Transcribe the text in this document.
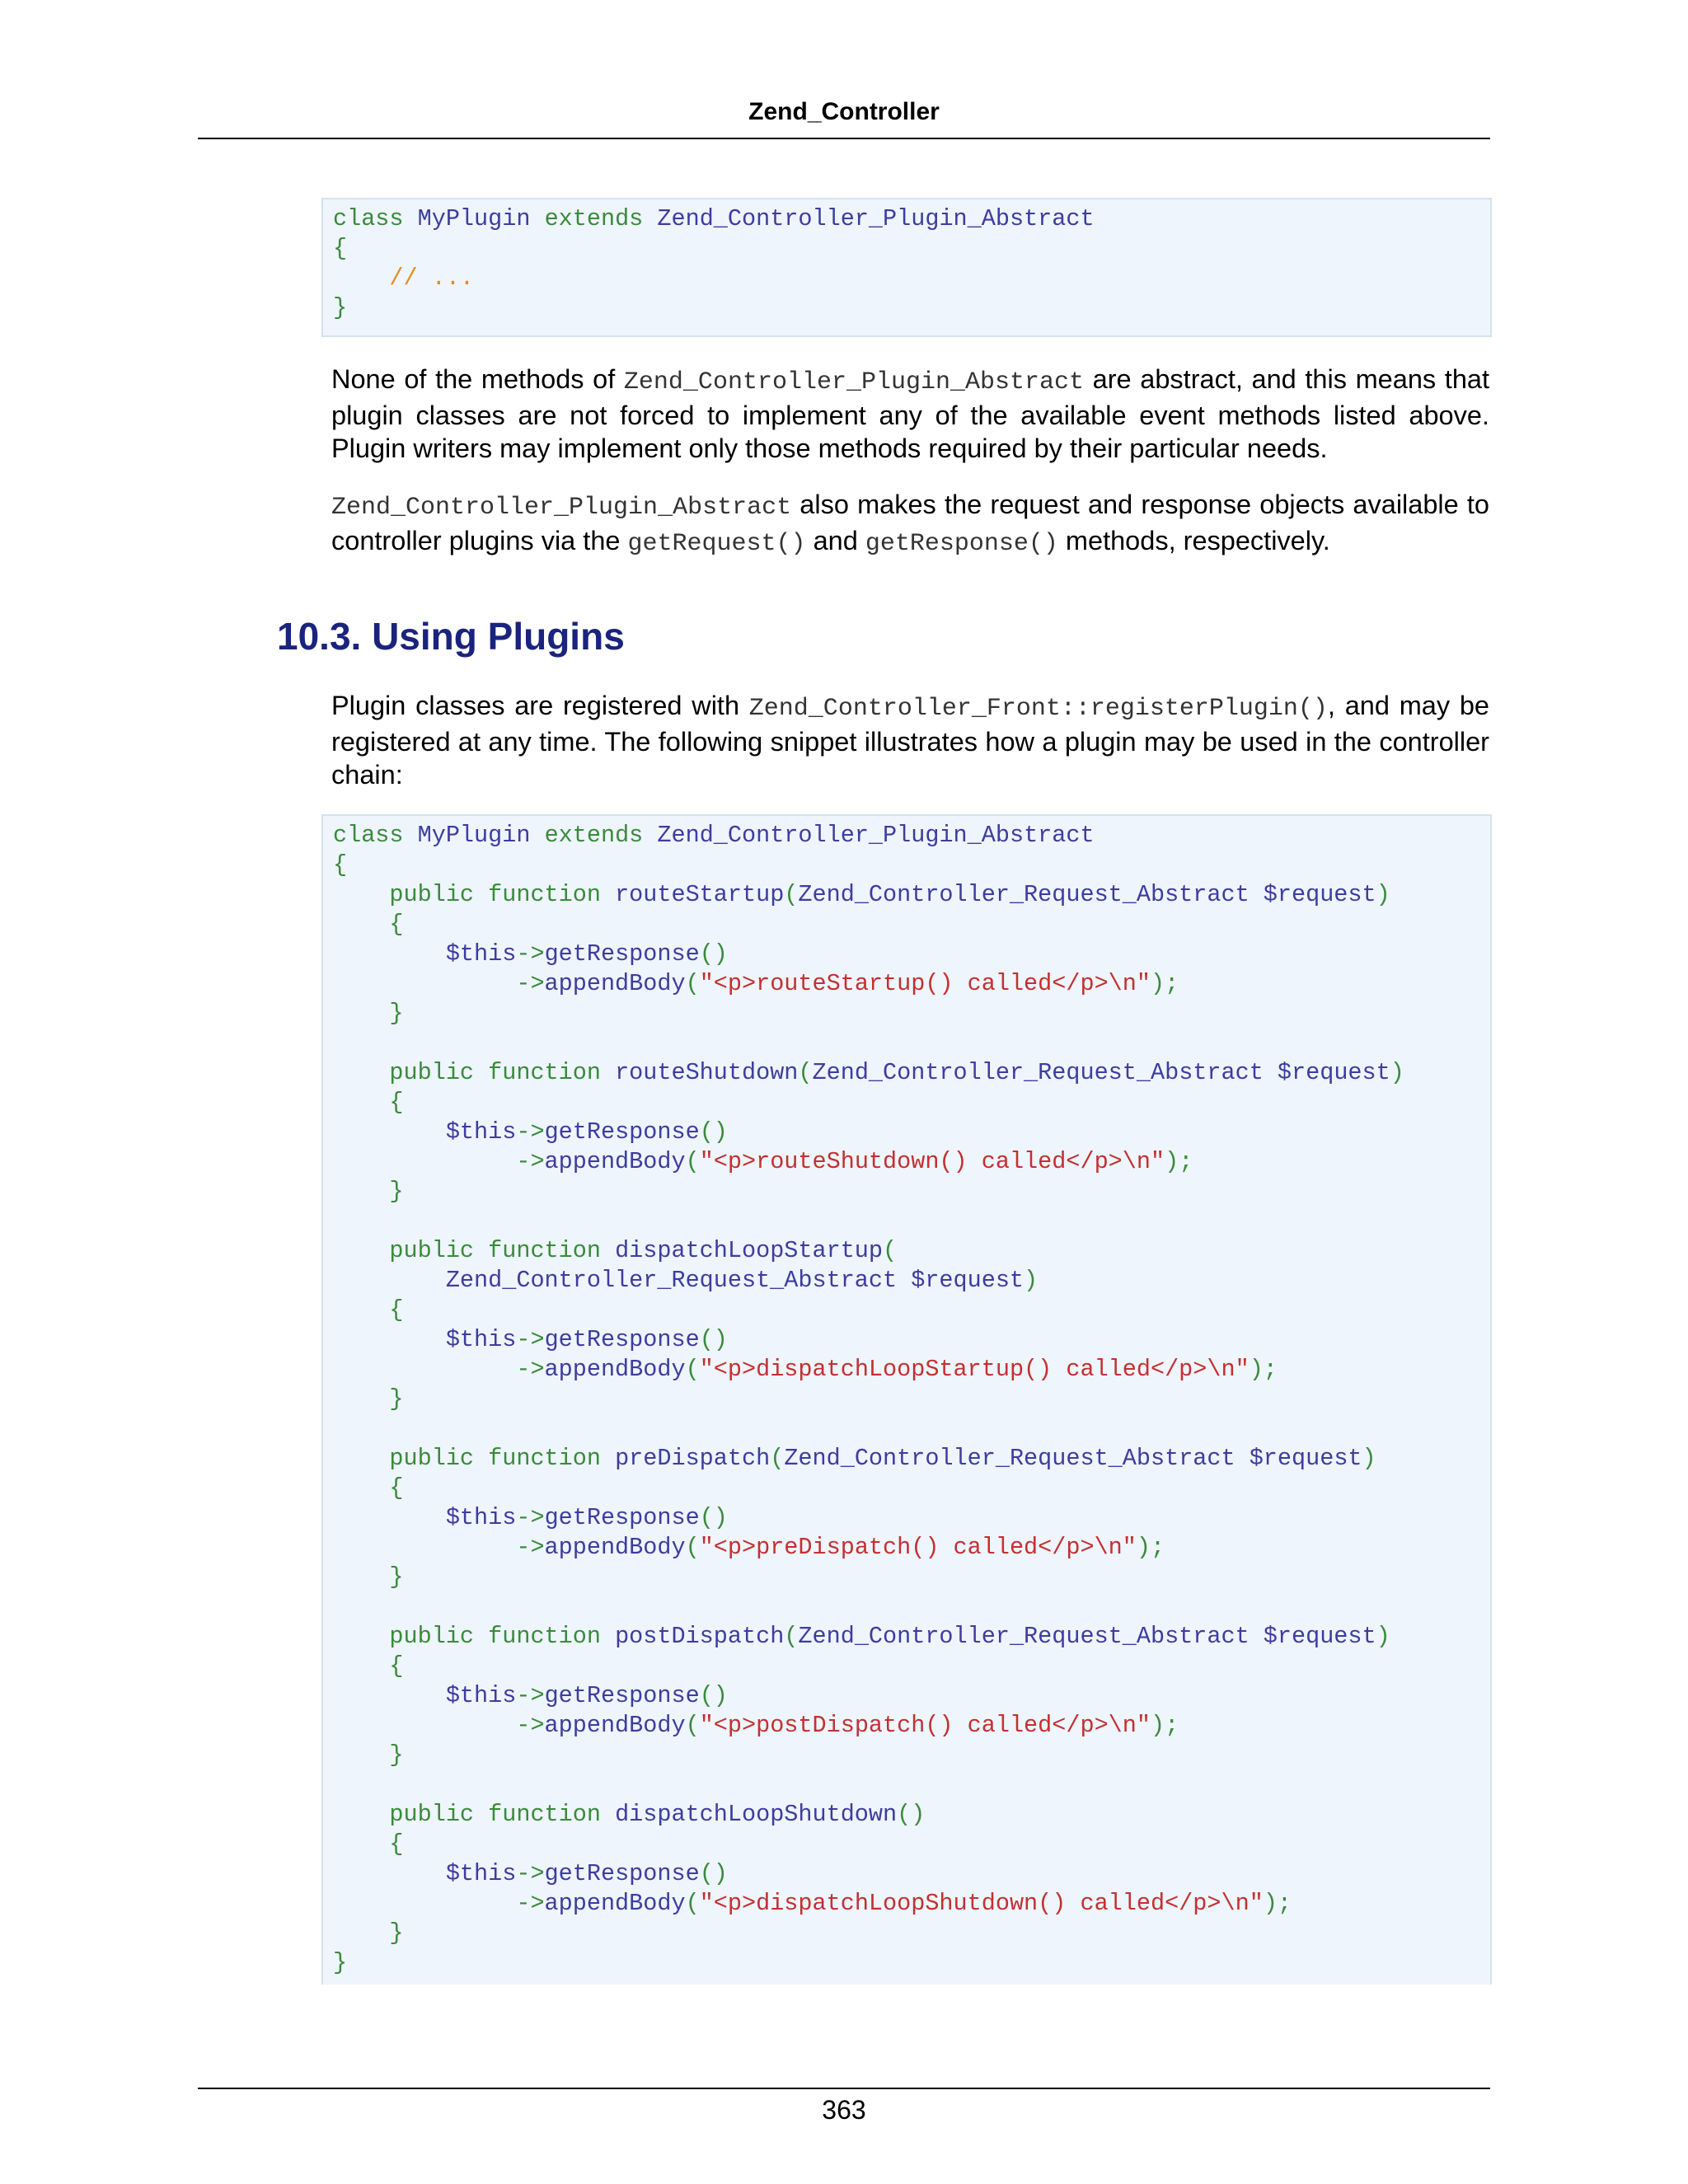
Zend_Controller
class MyPlugin extends Zend_Controller_Plugin_Abstract
{
// ...
}

None of the methods of Zend_Controller_Plugin_Abstract are abstract, and this means that plugin classes are not forced to implement any of the available event methods listed above. Plugin writers may implement only those methods required by their particular needs.

Zend_Controller_Plugin_Abstract also makes the request and response objects available to controller plugins via the getRequest() and getResponse() methods, respectively.

10.3. Using Plugins

Plugin classes are registered with Zend_Controller_Front::registerPlugin(), and may be registered at any time. The following snippet illustrates how a plugin may be used in the controller chain:

class MyPlugin extends Zend_Controller_Plugin_Abstract
{
public function routeStartup(Zend_Controller_Request_Abstract $request)
{
$this->getResponse()
->appendBody("<p>routeStartup() called</p>\n");
}
public function routeShutdown(Zend_Controller_Request_Abstract $request)
{
$this->getResponse()
->appendBody("<p>routeShutdown() called</p>\n");
}
public function dispatchLoopStartup(
Zend_Controller_Request_Abstract $request)
{
$this->getResponse()
->appendBody("<p>dispatchLoopStartup() called</p>\n");
}
public function preDispatch(Zend_Controller_Request_Abstract $request)
{
$this->getResponse()
->appendBody("<p>preDispatch() called</p>\n");
}
public function postDispatch(Zend_Controller_Request_Abstract $request)
{
$this->getResponse()
->appendBody("<p>postDispatch() called</p>\n");
}
public function dispatchLoopShutdown()
{
$this->getResponse()
->appendBody("<p>dispatchLoopShutdown() called</p>\n");
}
}
363
